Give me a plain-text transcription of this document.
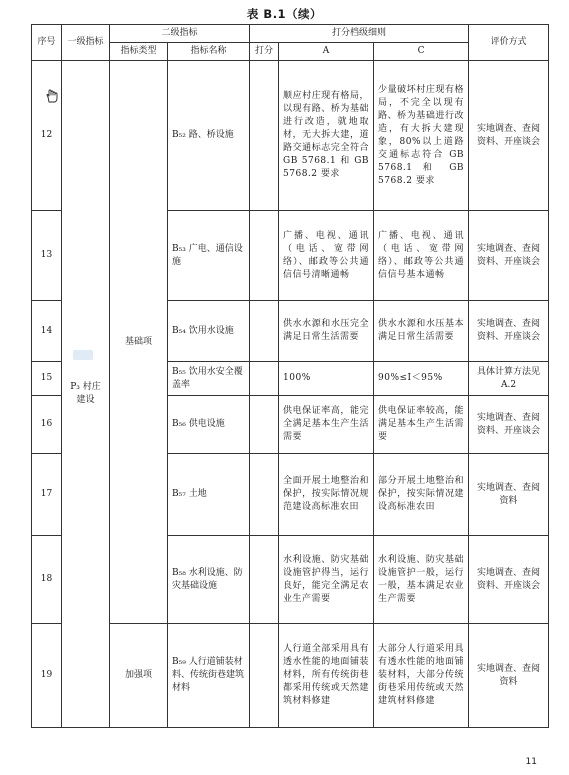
表 B.1（续）
序号	一级指标	二级指标		打分档级细则			评价方式
		指标类型	指标名称	打分	A	C	
12	P₃ 村庄建设	基础项	B₅₂ 路、桥设施		顺应村庄现有格局，以现有路、桥为基础进行改造，就地取材，无大拆大建，道路交通标志完全符合 GB 5768.1 和 GB 5768.2 要求	少量破坏村庄现有格局，不完全以现有路、桥为基础进行改造，有大拆大建现象，80%以上道路交通标志符合 GB 5768.1 和 GB 5768.2 要求	实地调查、查阅资料、开座谈会
13			B₅₃ 广电、通信设施		广播、电视、通讯（电话、宽带网络）、邮政等公共通信信号清晰通畅	广播、电视、通讯（电话、宽带网络）、邮政等公共通信信号基本通畅	实地调查、查阅资料、开座谈会
14			B₅₄ 饮用水设施		供水水源和水压完全满足日常生活需要	供水水源和水压基本满足日常生活需要	实地调查、查阅资料、开座谈会
15			B₅₅ 饮用水安全覆盖率		100%	90%≤I＜95%	具体计算方法见 A.2
16			B₅₆ 供电设施		供电保证率高，能完全满足基本生产生活需要	供电保证率较高，能满足基本生产生活需要	实地调查、查阅资料、开座谈会
17			B₅₇ 土地		全面开展土地整治和保护，按实际情况规范建设高标准农田	部分开展土地整治和保护，按实际情况建设高标准农田	实地调查、查阅资料
18			B₅₈ 水利设施、防灾基础设施		水利设施、防灾基础设施管护得当，运行良好，能完全满足农业生产需要	水利设施、防灾基础设施管护一般，运行一般，基本满足农业生产需要	实地调查、查阅资料、开座谈会
19		加强项	B₅₉ 人行道铺装材料、传统街巷建筑材料		人行道全部采用具有透水性能的地面铺装材料，所有传统街巷都采用传统或天然建筑材料修建	大部分人行道采用具有透水性能的地面铺装材料，大部分传统街巷采用传统或天然建筑材料修建	实地调查、查阅资料
11
